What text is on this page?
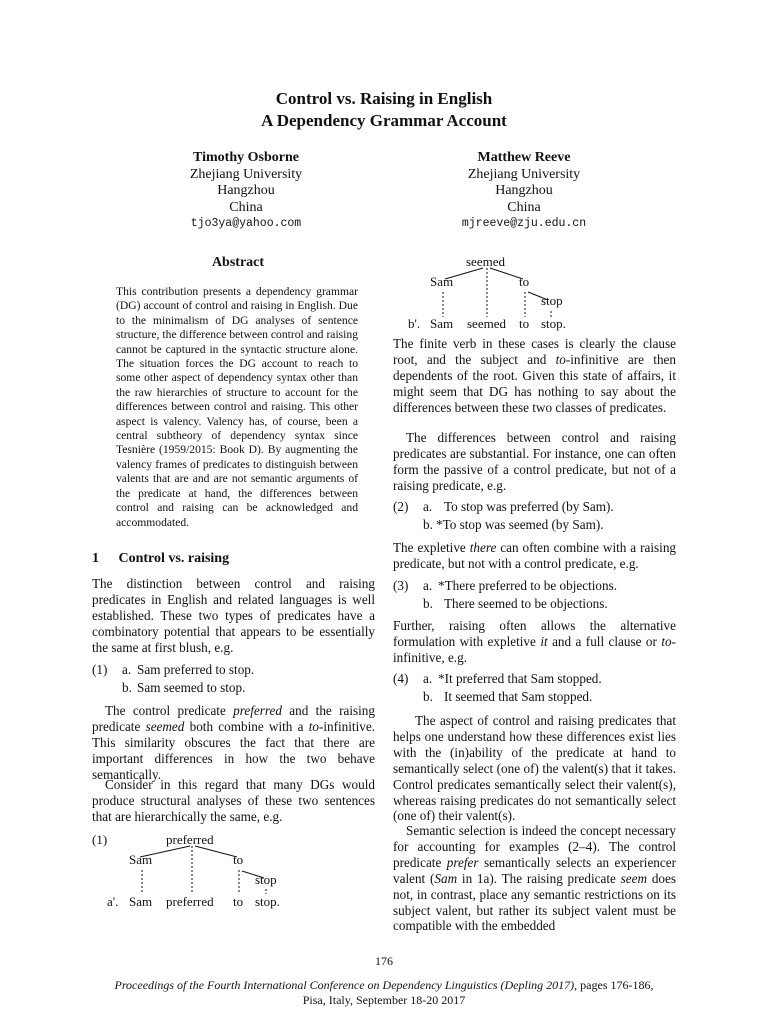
Control vs. Raising in English
A Dependency Grammar Account
Timothy Osborne
Zhejiang University
Hangzhou
China
tjo3ya@yahoo.com
Matthew Reeve
Zhejiang University
Hangzhou
China
mjreeve@zju.edu.cn
Abstract
This contribution presents a dependency grammar (DG) account of control and raising in English. Due to the minimalism of DG analyses of sentence structure, the difference between control and raising cannot be captured in the syntactic structure alone. The situation forces the DG account to reach to some other aspect of dependency syntax other than the raw hierarchies of structure to account for the differences between control and raising. This other aspect is valency. Valency has, of course, been a central subtheory of dependency syntax since Tesnière (1959/2015: Book D). By augmenting the valency frames of predicates to distinguish between valents that are and are not semantic arguments of the predicate at hand, the differences between control and raising can be acknowledged and accommodated.
1 Control vs. raising
The distinction between control and raising predicates in English and related languages is well established. These two types of predicates have a combinatory potential that appears to be essentially the same at first blush, e.g.
(1) a. Sam preferred to stop.
b. Sam seemed to stop.
The control predicate preferred and the raising predicate seemed both combine with a to-infinitive. This similarity obscures the fact that there are important differences in how the two behave semantically.
Consider in this regard that many DGs would produce structural analyses of these two sentences that are hierarchically the same, e.g.
(1)	preferred
Sam	to
stop
a'. Sam preferred to stop.
seemed
Sam	to
stop
b'. Sam seemed to stop.
The finite verb in these cases is clearly the clause root, and the subject and to-infinitive are then dependents of the root. Given this state of affairs, it might seem that DG has nothing to say about the differences between these two classes of predicates.
The differences between control and raising predicates are substantial. For instance, one can often form the passive of a control predicate, but not of a raising predicate, e.g.
(2) a. To stop was preferred (by Sam).
b. *To stop was seemed (by Sam).
The expletive there can often combine with a raising predicate, but not with a control predicate, e.g.
(3) a. *There preferred to be objections.
b. There seemed to be objections.
Further, raising often allows the alternative formulation with expletive it and a full clause or to-infinitive, e.g.
(4) a. *It preferred that Sam stopped.
b. It seemed that Sam stopped.
The aspect of control and raising predicates that helps one understand how these differences exist lies with the (in)ability of the predicate at hand to semantically select (one of) the valent(s) that it takes. Control predicates semantically select their valent(s), whereas raising predicates do not semantically select (one of) their valent(s).
Semantic selection is indeed the concept necessary for accounting for examples (2–4). The control predicate prefer semantically selects an experiencer valent (Sam in 1a). The raising predicate seem does not, in contrast, place any semantic restrictions on its subject valent, but rather its subject valent must be compatible with the embedded
176
Proceedings of the Fourth International Conference on Dependency Linguistics (Depling 2017), pages 176-186,
Pisa, Italy, September 18-20 2017
